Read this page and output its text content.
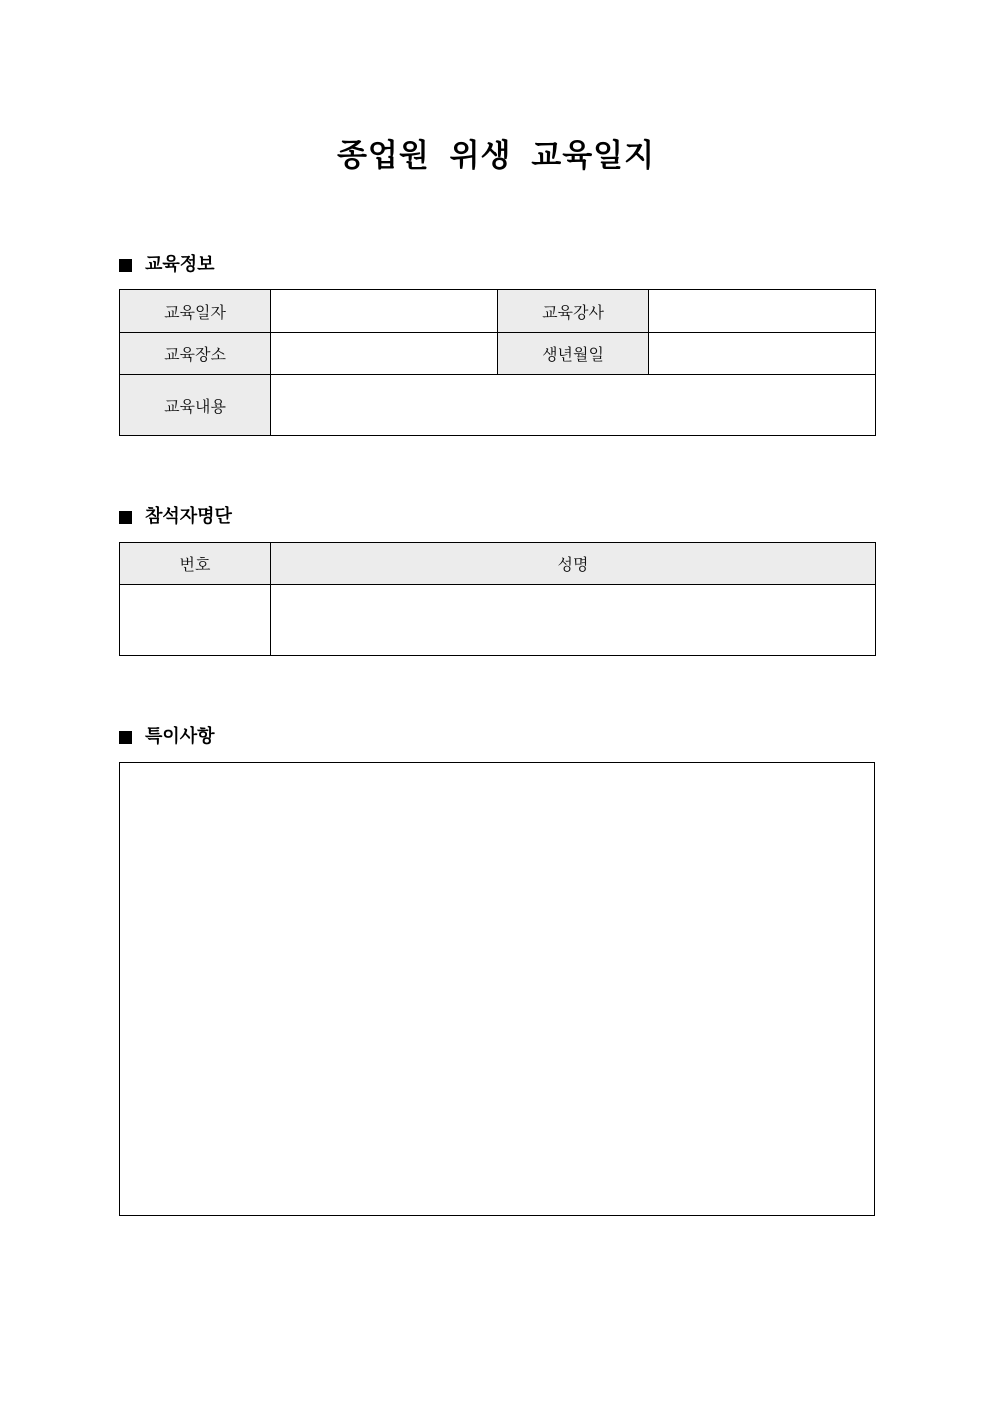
종업원 위생 교육일지
교육정보
교육일자		교육강사	
교육장소		생년월일	
교육내용			
참석자명단
번호	성명

특이사항
